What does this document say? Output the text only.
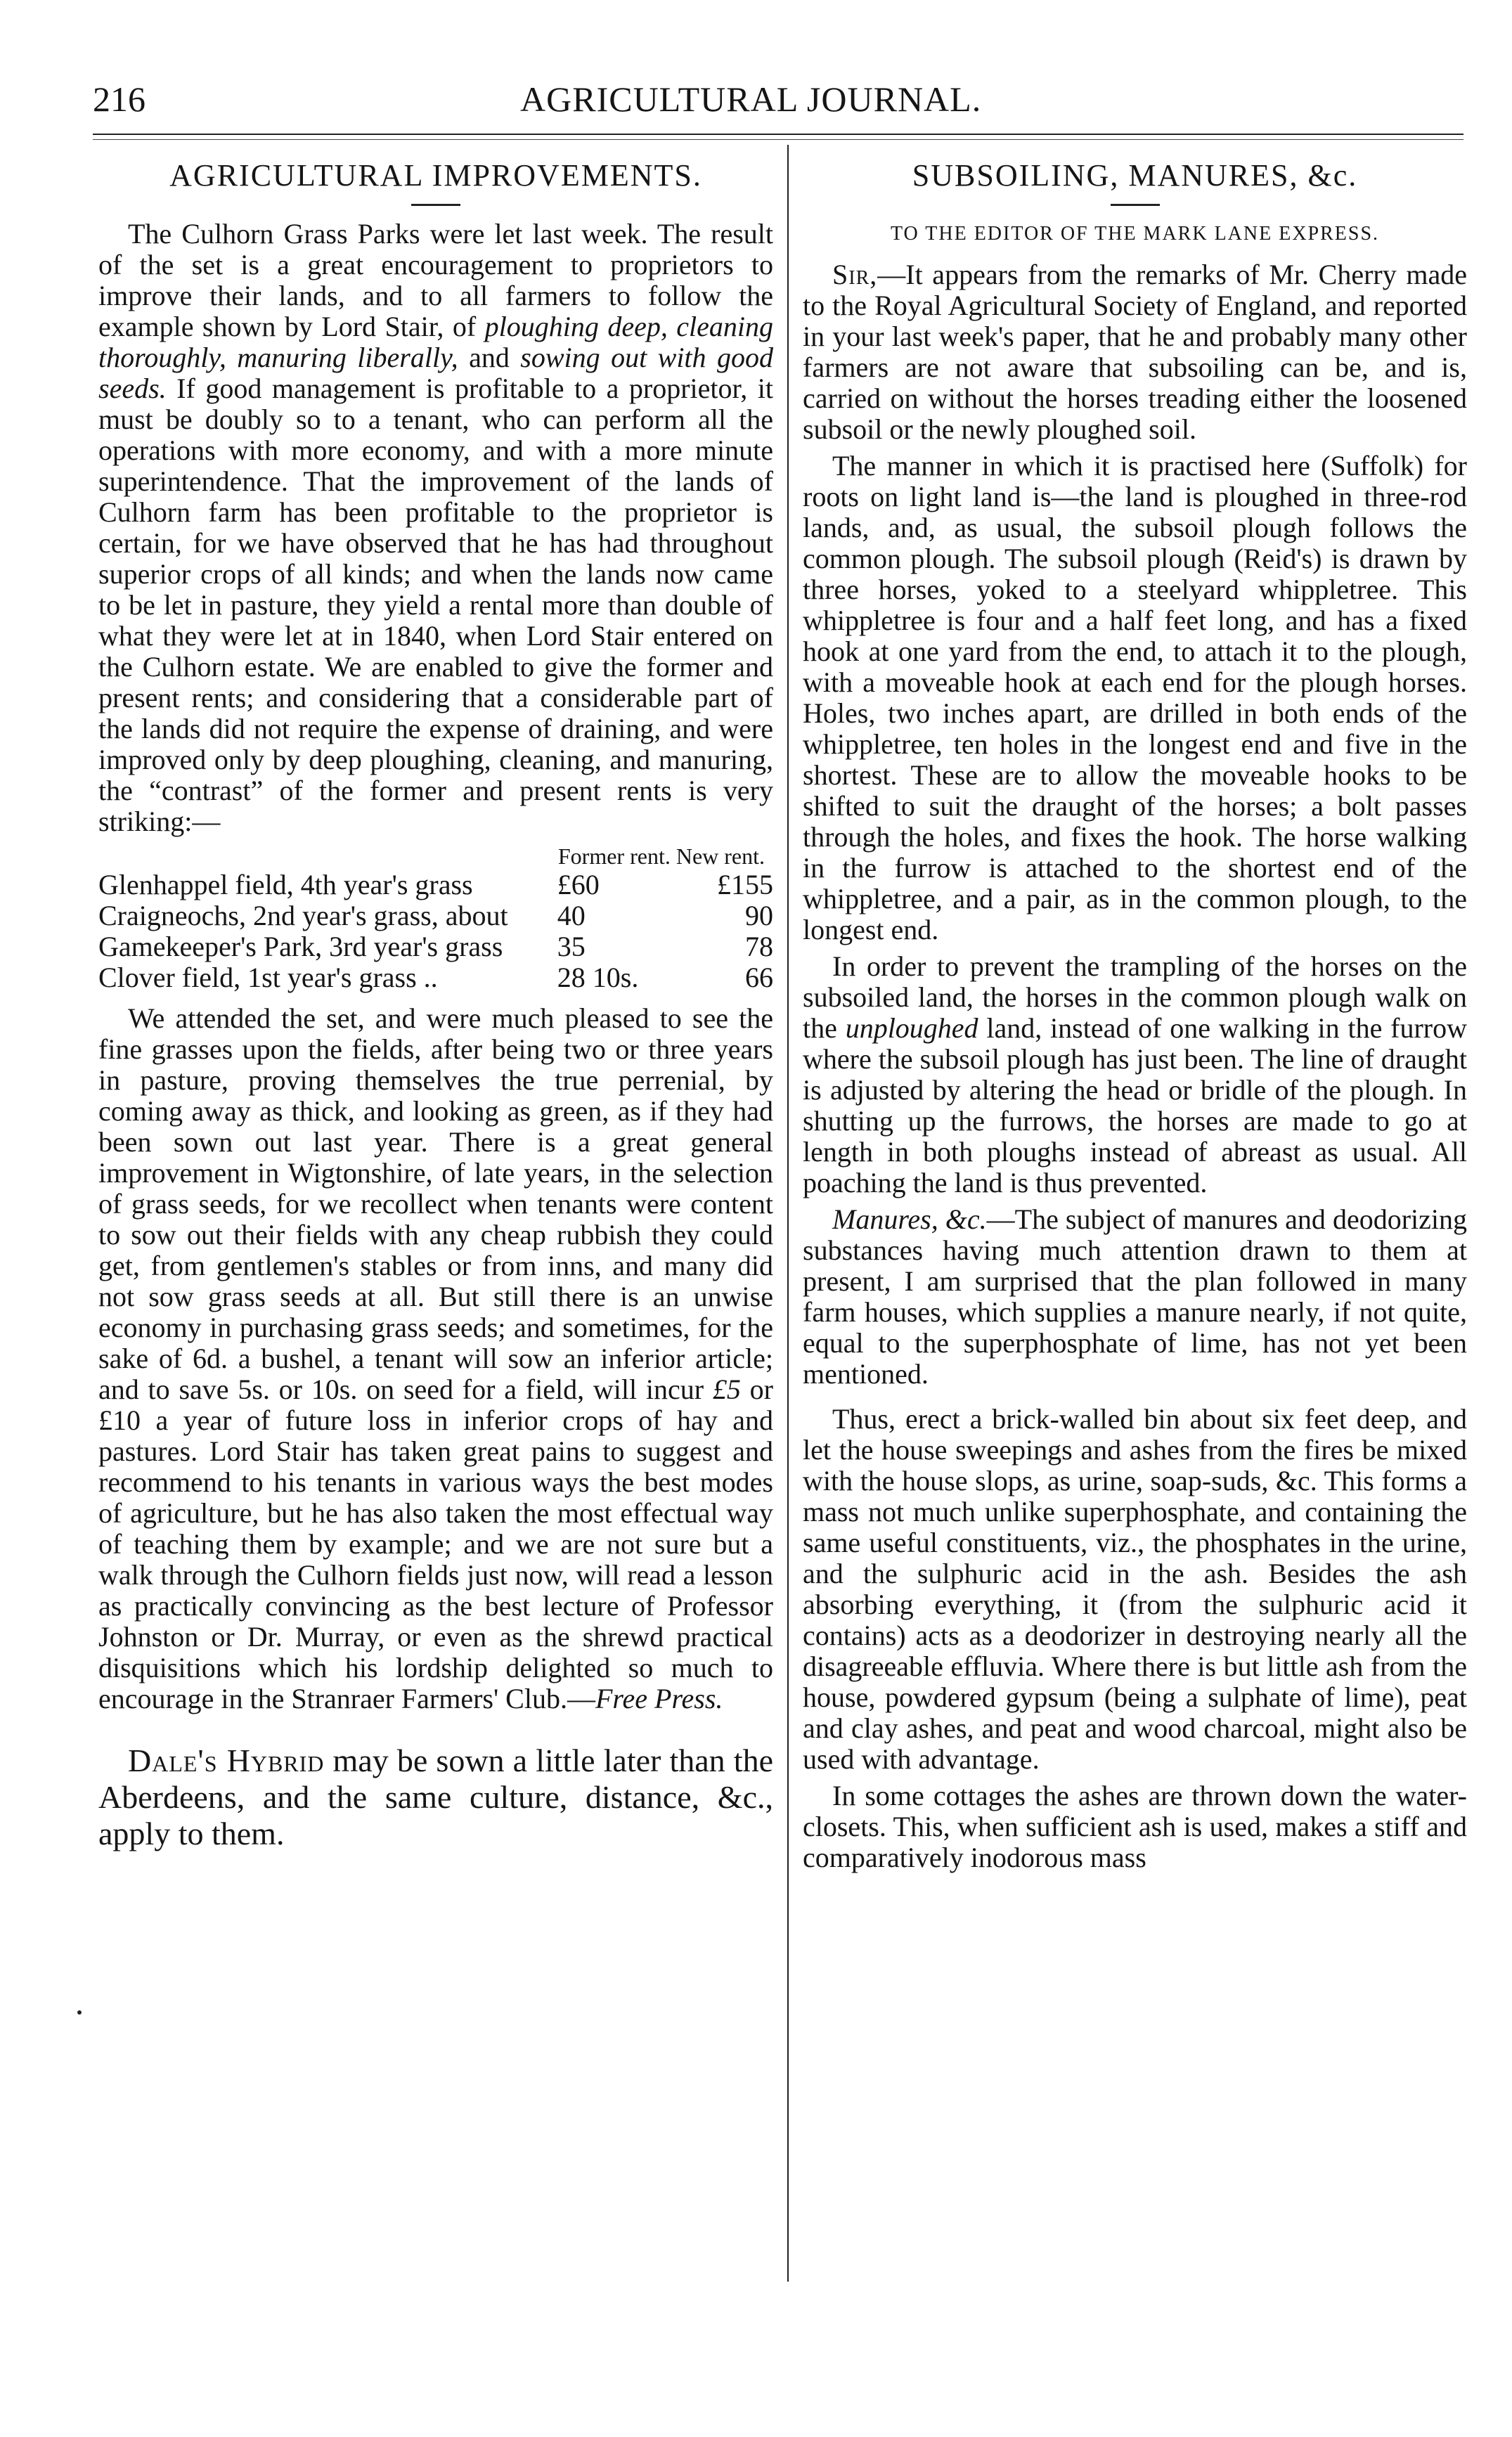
216	AGRICULTURAL JOURNAL.
AGRICULTURAL IMPROVEMENTS.

The Culhorn Grass Parks were let last week. The result of the set is a great encouragement to proprietors to improve their lands, and to all farmers to follow the example shown by Lord Stair, of ploughing deep, cleaning thoroughly, manuring liberally, and sowing out with good seeds. If good management is profitable to a proprietor, it must be doubly so to a tenant, who can perform all the operations with more economy, and with a more minute superintendence. That the improvement of the lands of Culhorn farm has been profitable to the proprietor is certain, for we have observed that he has had throughout superior crops of all kinds; and when the lands now came to be let in pasture, they yield a rental more than double of what they were let at in 1840, when Lord Stair entered on the Culhorn estate. We are enabled to give the former and present rents; and considering that a considerable part of the lands did not require the expense of draining, and were improved only by deep ploughing, cleaning, and manuring, the “contrast” of the former and present rents is very striking:—

Former rent. New rent.
Glenhappel field, 4th year's grass	£60	£155
Craigneochs, 2nd year's grass, about	40	90
Gamekeeper's Park, 3rd year's grass	35	78
Clover field, 1st year's grass ..	28 10s.	66

We attended the set, and were much pleased to see the fine grasses upon the fields, after being two or three years in pasture, proving themselves the true perrenial, by coming away as thick, and looking as green, as if they had been sown out last year. There is a great general improvement in Wigtonshire, of late years, in the selection of grass seeds, for we recollect when tenants were content to sow out their fields with any cheap rubbish they could get, from gentlemen's stables or from inns, and many did not sow grass seeds at all. But still there is an unwise economy in purchasing grass seeds; and sometimes, for the sake of 6d. a bushel, a tenant will sow an inferior article; and to save 5s. or 10s. on seed for a field, will incur £5 or £10 a year of future loss in inferior crops of hay and pastures. Lord Stair has taken great pains to suggest and recommend to his tenants in various ways the best modes of agriculture, but he has also taken the most effectual way of teaching them by example; and we are not sure but a walk through the Culhorn fields just now, will read a lesson as practically convincing as the best lecture of Professor Johnston or Dr. Murray, or even as the shrewd practical disquisitions which his lordship delighted so much to encourage in the Stranraer Farmers' Club.—Free Press.

Dale's Hybrid may be sown a little later than the Aberdeens, and the same culture, distance, &c., apply to them.

SUBSOILING, MANURES, &c.
TO THE EDITOR OF THE MARK LANE EXPRESS.

Sir,—It appears from the remarks of Mr. Cherry made to the Royal Agricultural Society of England, and reported in your last week's paper, that he and probably many other farmers are not aware that subsoiling can be, and is, carried on without the horses treading either the loosened subsoil or the newly ploughed soil.

The manner in which it is practised here (Suffolk) for roots on light land is—the land is ploughed in three-rod lands, and, as usual, the subsoil plough follows the common plough. The subsoil plough (Reid's) is drawn by three horses, yoked to a steelyard whippletree. This whippletree is four and a half feet long, and has a fixed hook at one yard from the end, to attach it to the plough, with a moveable hook at each end for the plough horses. Holes, two inches apart, are drilled in both ends of the whippletree, ten holes in the longest end and five in the shortest. These are to allow the moveable hooks to be shifted to suit the draught of the horses; a bolt passes through the holes, and fixes the hook. The horse walking in the furrow is attached to the shortest end of the whippletree, and a pair, as in the common plough, to the longest end.

In order to prevent the trampling of the horses on the subsoiled land, the horses in the common plough walk on the unploughed land, instead of one walking in the furrow where the subsoil plough has just been. The line of draught is adjusted by altering the head or bridle of the plough. In shutting up the furrows, the horses are made to go at length in both ploughs instead of abreast as usual. All poaching the land is thus prevented.

Manures, &c.—The subject of manures and deodorizing substances having much attention drawn to them at present, I am surprised that the plan followed in many farm houses, which supplies a manure nearly, if not quite, equal to the superphosphate of lime, has not yet been mentioned.

Thus, erect a brick-walled bin about six feet deep, and let the house sweepings and ashes from the fires be mixed with the house slops, as urine, soap-suds, &c. This forms a mass not much unlike superphosphate, and containing the same useful constituents, viz., the phosphates in the urine, and the sulphuric acid in the ash. Besides the ash absorbing everything, it (from the sulphuric acid it contains) acts as a deodorizer in destroying nearly all the disagreeable effluvia. Where there is but little ash from the house, powdered gypsum (being a sulphate of lime), peat and clay ashes, and peat and wood charcoal, might also be used with advantage.

In some cottages the ashes are thrown down the water-closets. This, when sufficient ash is used, makes a stiff and comparatively inodorous mass
